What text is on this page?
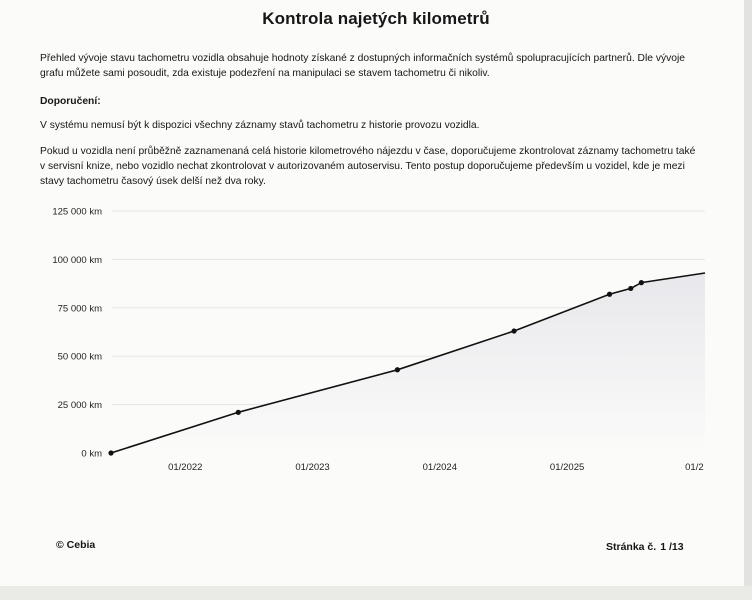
Kontrola najetých kilometrů
Přehled vývoje stavu tachometru vozidla obsahuje hodnoty získané z dostupných informačních systémů spolupracujících partnerů. Dle vývoje
grafu můžete sami posoudit, zda existuje podezření na manipulaci se stavem tachometru či nikoliv.
Doporučení:
V systému nemusí být k dispozici všechny záznamy stavů tachometru z historie provozu vozidla.
Pokud u vozidla není průběžně zaznamenaná celá historie kilometrového nájezdu v čase, doporučujeme zkontrolovat záznamy tachometru také
v servisní knize, nebo vozidlo nechat zkontrolovat v autorizovaném autoservisu. Tento postup doporučujeme především u vozidel, kde je mezi
stavy tachometru časový úsek delší než dva roky.
0 km
25 000 km
50 000 km
75 000 km
100 000 km
125 000 km
01/2022	01/2023	01/2024	01/2025	01/2
© Cebia	Stránka č. 1 /13
